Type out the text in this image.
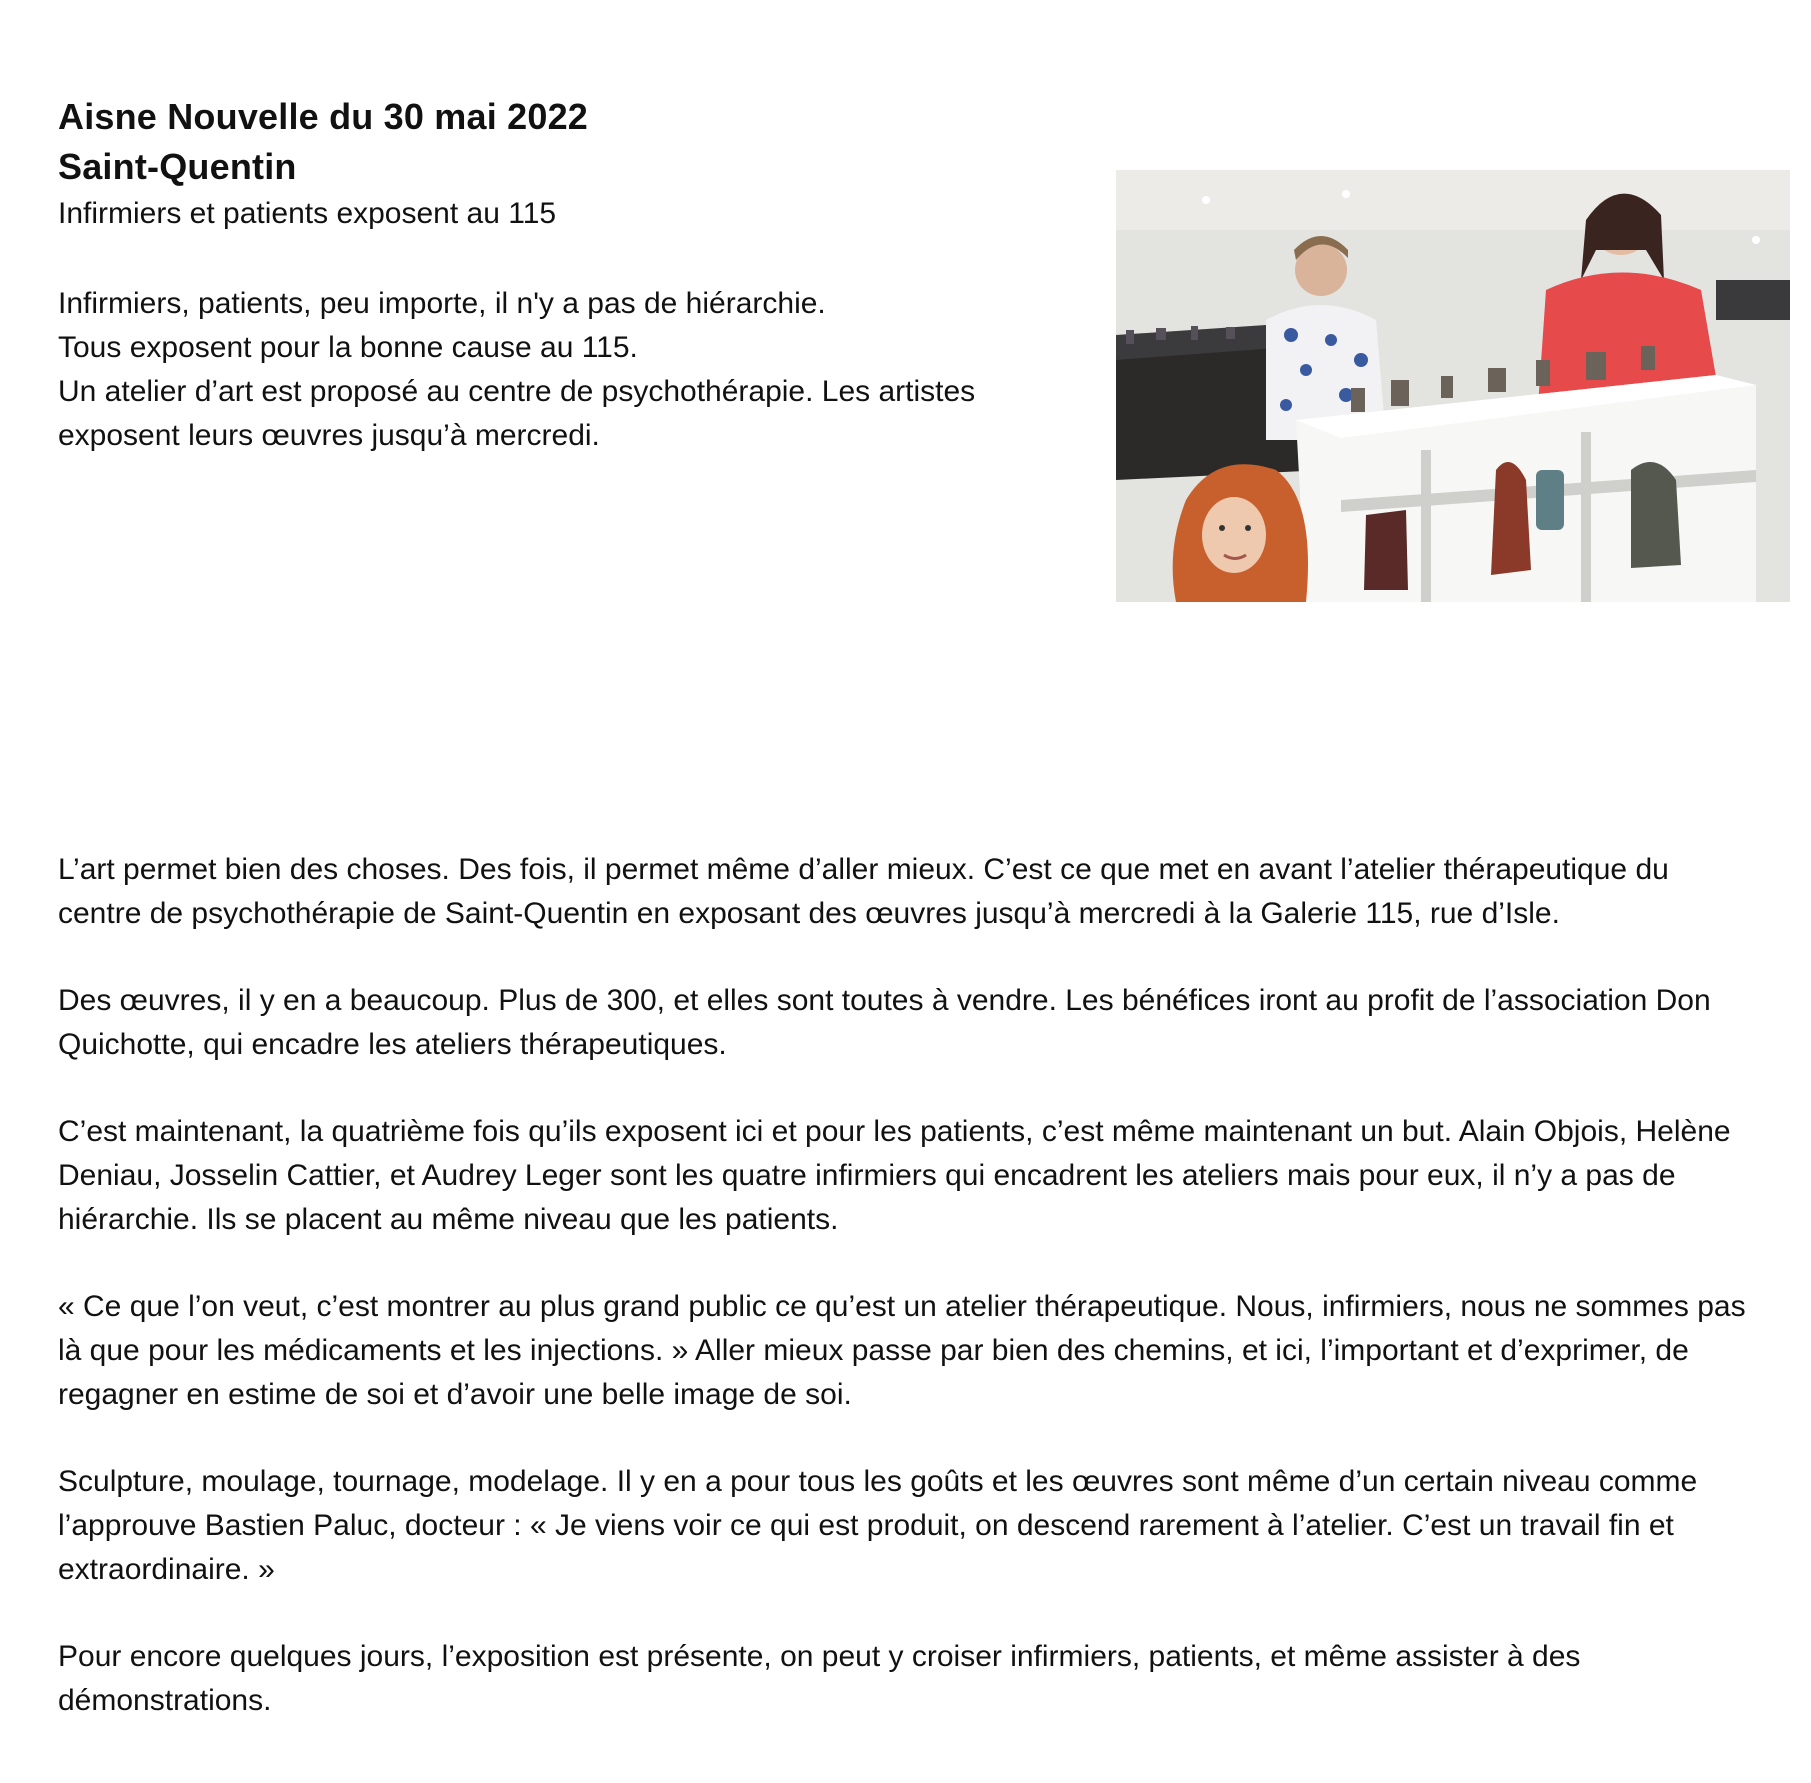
Aisne Nouvelle du 30 mai 2022

Saint-Quentin

Infirmiers et patients exposent au 115

Infirmiers, patients, peu importe, il n'y a pas de hiérarchie.

Tous exposent pour la bonne cause au 115.

Un atelier d’art est proposé au centre de psychothérapie. Les artistes exposent leurs œuvres jusqu’à mercredi.

L’art permet bien des choses. Des fois, il permet même d’aller mieux. C’est ce que met en avant l’atelier thérapeutique du centre de psychothérapie de Saint-Quentin en exposant des œuvres jusqu’à mercredi à la Galerie 115, rue d’Isle.

Des œuvres, il y en a beaucoup. Plus de 300, et elles sont toutes à vendre. Les bénéfices iront au profit de l’association Don Quichotte, qui encadre les ateliers thérapeutiques.

C’est maintenant, la quatrième fois qu’ils exposent ici et pour les patients, c’est même maintenant un but. Alain Objois, Helène Deniau, Josselin Cattier, et Audrey Leger sont les quatre infirmiers qui encadrent les ateliers mais pour eux, il n’y a pas de hiérarchie. Ils se placent au même niveau que les patients.

« Ce que l’on veut, c’est montrer au plus grand public ce qu’est un atelier thérapeutique. Nous, infirmiers, nous ne sommes pas là que pour les médicaments et les injections. » Aller mieux passe par bien des chemins, et ici, l’important et d’exprimer, de regagner en estime de soi et d’avoir une belle image de soi.

Sculpture, moulage, tournage, modelage. Il y en a pour tous les goûts et les œuvres sont même d’un certain niveau comme l’approuve Bastien Paluc, docteur : « Je viens voir ce qui est produit, on descend rarement à l’atelier. C’est un travail fin et extraordinaire. »

Pour encore quelques jours, l’exposition est présente, on peut y croiser infirmiers, patients, et même assister à des démonstrations.
